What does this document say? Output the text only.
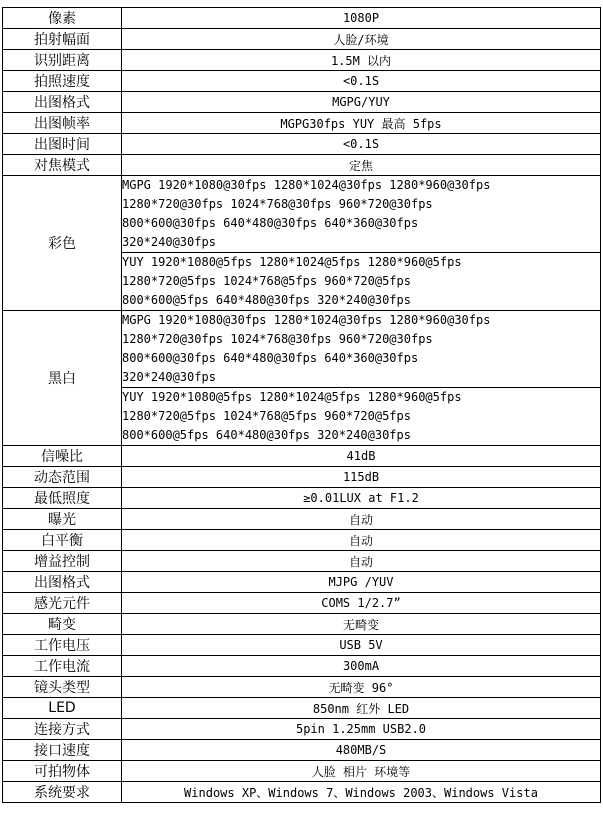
像素	1080P
拍射幅面	人脸/环境
识别距离	1.5M 以内
拍照速度	<0.1S
出图格式	MGPG/YUY
出图帧率	MGPG30fps YUY 最高 5fps
出图时间	<0.1S
对焦模式	定焦
彩色	MGPG 1920*1080@30fps 1280*1024@30fps 1280*960@30fps
1280*720@30fps 1024*768@30fps 960*720@30fps
800*600@30fps 640*480@30fps 640*360@30fps
320*240@30fps

	YUY 1920*1080@5fps 1280*1024@5fps 1280*960@5fps
1280*720@5fps 1024*768@5fps 960*720@5fps
800*600@5fps 640*480@30fps 320*240@30fps

黑白	MGPG 1920*1080@30fps 1280*1024@30fps 1280*960@30fps
1280*720@30fps 1024*768@30fps 960*720@30fps
800*600@30fps 640*480@30fps 640*360@30fps
320*240@30fps

	YUY 1920*1080@5fps 1280*1024@5fps 1280*960@5fps
1280*720@5fps 1024*768@5fps 960*720@5fps
800*600@5fps 640*480@30fps 320*240@30fps

信噪比	41dB
动态范围	115dB
最低照度	≥0.01LUX at F1.2
曝光	自动
白平衡	自动
增益控制	自动
出图格式	MJPG /YUV
感光元件	COMS 1/2.7”
畸变	无畸变
工作电压	USB 5V
工作电流	300mA
镜头类型	无畸变 96°
LED	850nm 红外 LED
连接方式	5pin 1.25mm USB2.0
接口速度	480MB/S
可拍物体	人脸 相片 环境等
系统要求	Windows XP、Windows 7、Windows 2003、Windows Vista
